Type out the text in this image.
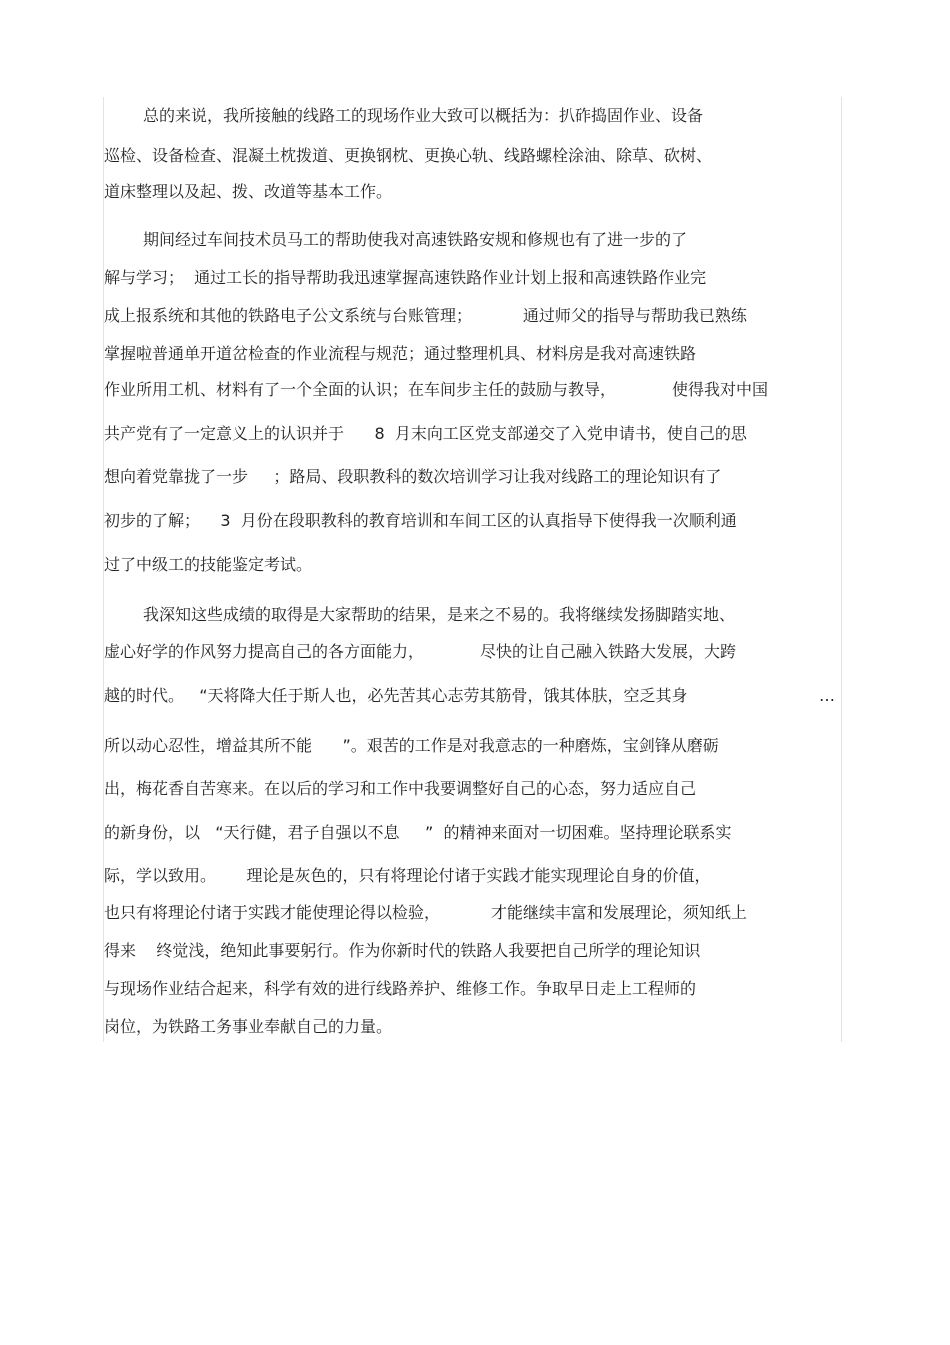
总的来说，我所接触的线路工的现场作业大致可以概括为：扒砟捣固作业、设备
巡检、设备检查、混凝土枕拨道、更换钢枕、更换心轨、线路螺栓涂油、除草、砍树、
道床整理以及起、拨、改道等基本工作。
期间经过车间技术员马工的帮助使我对高速铁路安规和修规也有了进一步的了
解与学习；  通过工长的指导帮助我迅速掌握高速铁路作业计划上报和高速铁路作业完
成上报系统和其他的铁路电子公文系统与台账管理；          通过师父的指导与帮助我已熟练
掌握啦普通单开道岔检查的作业流程与规范；通过整理机具、材料房是我对高速铁路
作业所用工机、材料有了一个全面的认识；在车间步主任的鼓励与教导，           使得我对中国
共产党有了一定意义上的认识并于      8  月末向工区党支部递交了入党申请书，使自己的思
想向着党靠拢了一步     ；路局、段职教科的数次培训学习让我对线路工的理论知识有了
初步的了解；    3  月份在段职教科的教育培训和车间工区的认真指导下使得我一次顺利通
过了中级工的技能鉴定考试。
我深知这些成绩的取得是大家帮助的结果，是来之不易的。我将继续发扬脚踏实地、
虚心好学的作风努力提高自己的各方面能力，           尽快的让自己融入铁路大发展，大跨
越的时代。   “天将降大任于斯人也，必先苦其心志劳其筋骨，饿其体肤，空乏其身	…
所以动心忍性，增益其所不能      ”。艰苦的工作是对我意志的一种磨炼，宝剑锋从磨砺
出，梅花香自苦寒来。在以后的学习和工作中我要调整好自己的心态，努力适应自己
的新身份，以   “天行健，君子自强以不息     ”  的精神来面对一切困难。坚持理论联系实
际，学以致用。      理论是灰色的，只有将理论付诸于实践才能实现理论自身的价值，
也只有将理论付诸于实践才能使理论得以检验，          才能继续丰富和发展理论，须知纸上
得来    终觉浅，绝知此事要躬行。作为你新时代的铁路人我要把自己所学的理论知识
与现场作业结合起来，科学有效的进行线路养护、维修工作。争取早日走上工程师的
岗位，为铁路工务事业奉献自己的力量。
